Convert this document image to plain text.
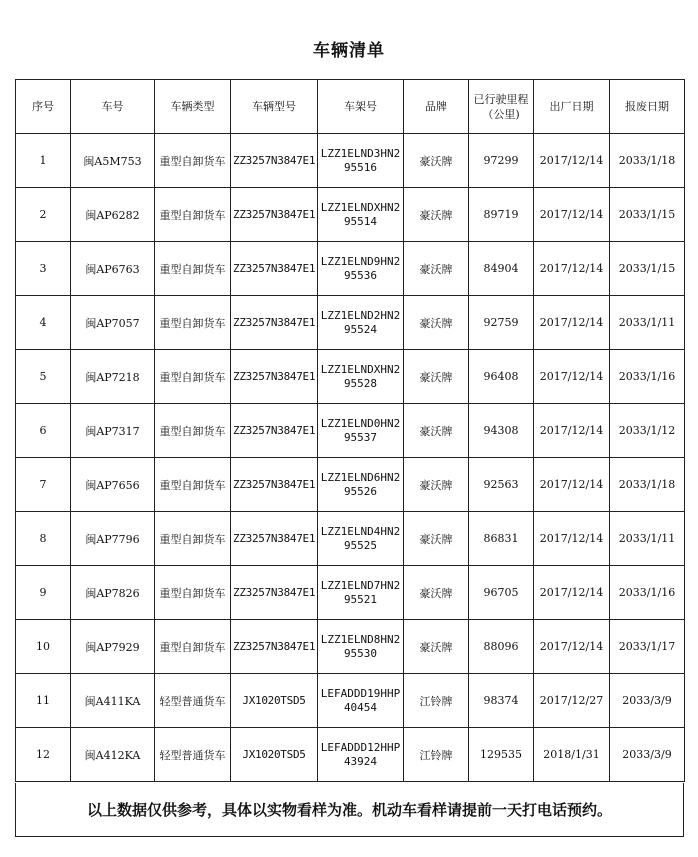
车辆清单
序号	车号	车辆类型	车辆型号	车架号	品牌	已行驶里程（公里)	出厂日期	报废日期
1	闽A5M753	重型自卸货车	ZZ3257N3847E1	LZZ1ELND3HN295516	豪沃牌	97299	2017/12/14	2033/1/18
2	闽AP6282	重型自卸货车	ZZ3257N3847E1	LZZ1ELNDXHN295514	豪沃牌	89719	2017/12/14	2033/1/15
3	闽AP6763	重型自卸货车	ZZ3257N3847E1	LZZ1ELND9HN295536	豪沃牌	84904	2017/12/14	2033/1/15
4	闽AP7057	重型自卸货车	ZZ3257N3847E1	LZZ1ELND2HN295524	豪沃牌	92759	2017/12/14	2033/1/11
5	闽AP7218	重型自卸货车	ZZ3257N3847E1	LZZ1ELNDXHN295528	豪沃牌	96408	2017/12/14	2033/1/16
6	闽AP7317	重型自卸货车	ZZ3257N3847E1	LZZ1ELND0HN295537	豪沃牌	94308	2017/12/14	2033/1/12
7	闽AP7656	重型自卸货车	ZZ3257N3847E1	LZZ1ELND6HN295526	豪沃牌	92563	2017/12/14	2033/1/18
8	闽AP7796	重型自卸货车	ZZ3257N3847E1	LZZ1ELND4HN295525	豪沃牌	86831	2017/12/14	2033/1/11
9	闽AP7826	重型自卸货车	ZZ3257N3847E1	LZZ1ELND7HN295521	豪沃牌	96705	2017/12/14	2033/1/16
10	闽AP7929	重型自卸货车	ZZ3257N3847E1	LZZ1ELND8HN295530	豪沃牌	88096	2017/12/14	2033/1/17
11	闽A411KA	轻型普通货车	JX1020TSD5	LEFADDD19HHP40454	江铃牌	98374	2017/12/27	2033/3/9
12	闽A412KA	轻型普通货车	JX1020TSD5	LEFADDD12HHP43924	江铃牌	129535	2018/1/31	2033/3/9
以上数据仅供参考，具体以实物看样为准。机动车看样请提前一天打电话预约。
